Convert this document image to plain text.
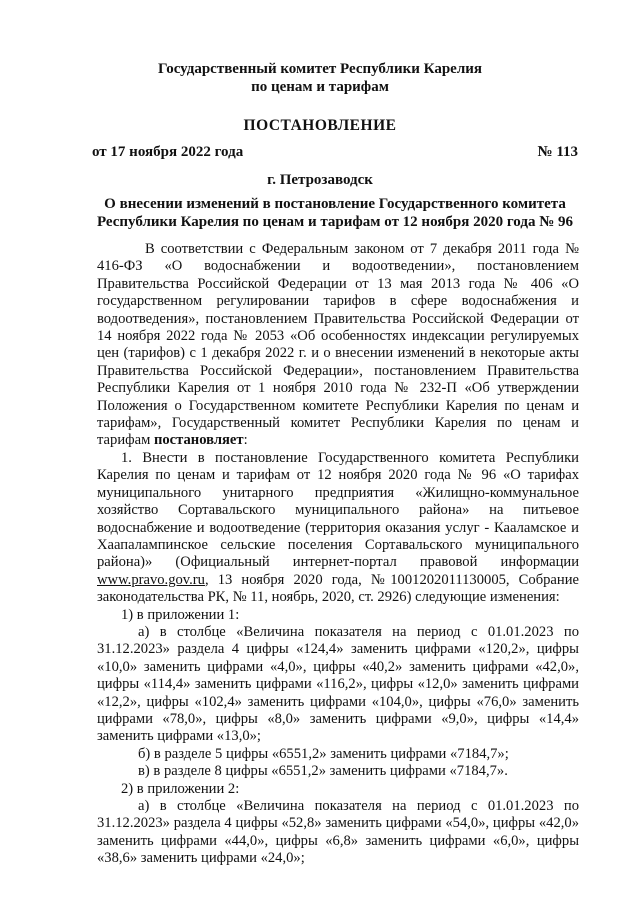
Государственный комитет Республики Карелия
по ценам и тарифам
ПОСТАНОВЛЕНИЕ
от 17 ноября 2022 года	№ 113
г. Петрозаводск
О внесении изменений в постановление Государственного комитета
Республики Карелия по ценам и тарифам от 12 ноября 2020 года № 96

В соответствии с Федеральным законом от 7 декабря 2011 года № 416-ФЗ «О водоснабжении и водоотведении», постановлением Правительства Российской Федерации от 13 мая 2013 года № 406 «О государственном регулировании тарифов в сфере водоснабжения и водоотведения», постановлением Правительства Российской Федерации от 14 ноября 2022 года № 2053 «Об особенностях индексации регулируемых цен (тарифов) с 1 декабря 2022 г. и о внесении изменений в некоторые акты Правительства Российской Федерации», постановлением Правительства Республики Карелия от 1 ноября 2010 года № 232-П «Об утверждении Положения о Государственном комитете Республики Карелия по ценам и тарифам», Государственный комитет Республики Карелия по ценам и тарифам постановляет:

1. Внести в постановление Государственного комитета Республики Карелия по ценам и тарифам от 12 ноября 2020 года № 96 «О тарифах муниципального унитарного предприятия «Жилищно-коммунальное хозяйство Сортавальского муниципального района» на питьевое водоснабжение и водоотведение (территория оказания услуг - Кааламское и Хаапалампинское сельские поселения Сортавальского муниципального района)» (Официальный интернет-портал правовой информации www.pravo.gov.ru, 13 ноября 2020 года, №1001202011130005, Собрание законодательства РК, № 11, ноябрь, 2020, ст. 2926) следующие изменения:

1) в приложении 1:

а) в столбце «Величина показателя на период с 01.01.2023 по 31.12.2023» раздела 4 цифры «124,4» заменить цифрами «120,2», цифры «10,0» заменить цифрами «4,0», цифры «40,2» заменить цифрами «42,0», цифры «114,4» заменить цифрами «116,2», цифры «12,0» заменить цифрами «12,2», цифры «102,4» заменить цифрами «104,0», цифры «76,0» заменить цифрами «78,0», цифры «8,0» заменить цифрами «9,0», цифры «14,4» заменить цифрами «13,0»;

б) в разделе 5 цифры «6551,2» заменить цифрами «7184,7»;

в) в разделе 8 цифры «6551,2» заменить цифрами «7184,7».

2) в приложении 2:

а) в столбце «Величина показателя на период с 01.01.2023 по 31.12.2023» раздела 4 цифры «52,8» заменить цифрами «54,0», цифры «42,0» заменить цифрами «44,0», цифры «6,8» заменить цифрами «6,0», цифры «38,6» заменить цифрами «24,0»;
